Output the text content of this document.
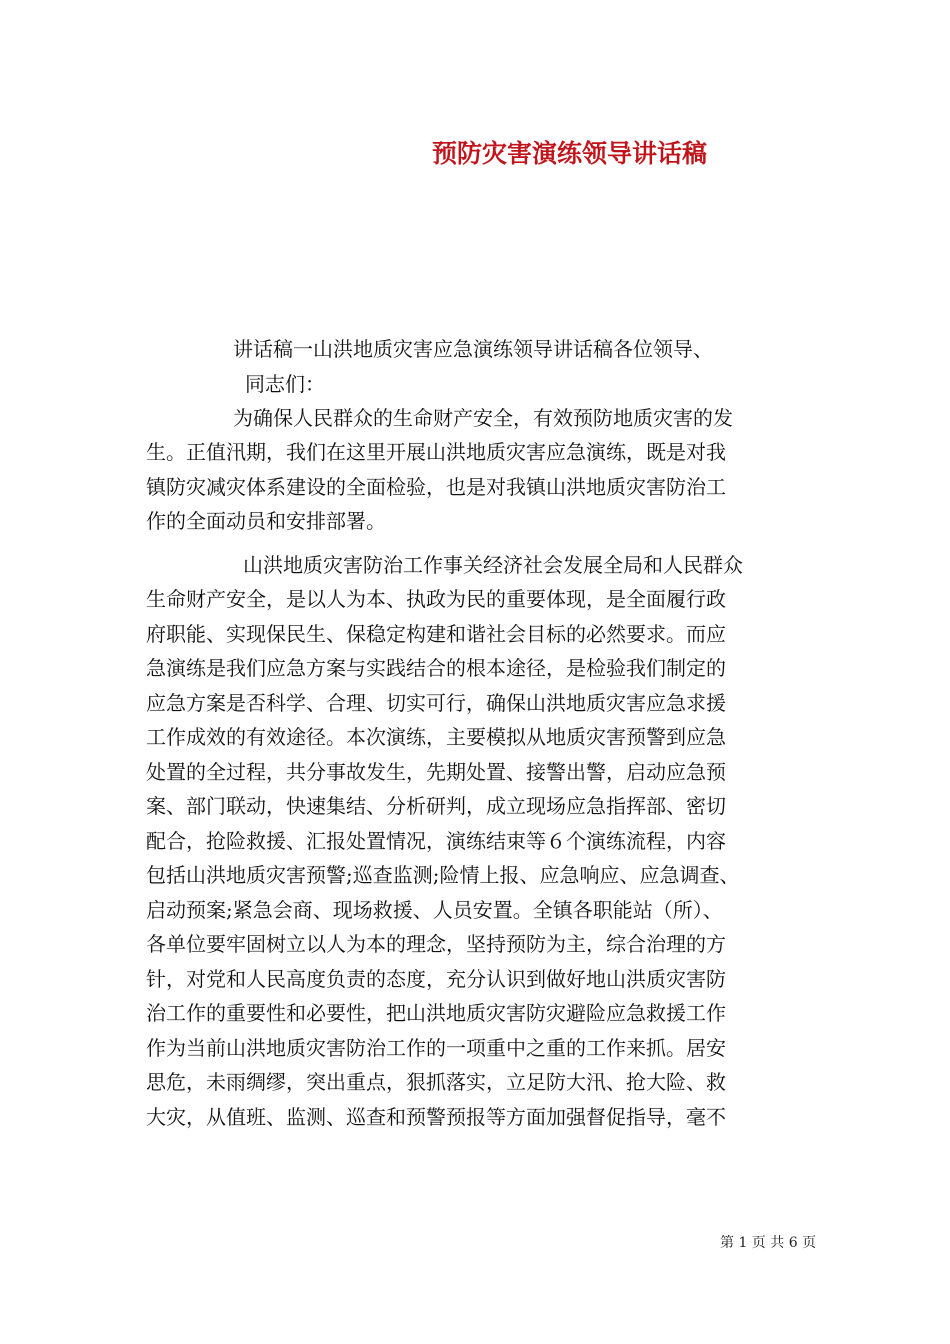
预防灾害演练领导讲话稿
讲话稿一山洪地质灾害应急演练领导讲话稿各位领导、
同志们：
为确保人民群众的生命财产安全，有效预防地质灾害的发
生。正值汛期，我们在这里开展山洪地质灾害应急演练，既是对我
镇防灾减灾体系建设的全面检验，也是对我镇山洪地质灾害防治工
作的全面动员和安排部署。
山洪地质灾害防治工作事关经济社会发展全局和人民群众
生命财产安全，是以人为本、执政为民的重要体现，是全面履行政
府职能、实现保民生、保稳定构建和谐社会目标的必然要求。而应
急演练是我们应急方案与实践结合的根本途径，是检验我们制定的
应急方案是否科学、合理、切实可行，确保山洪地质灾害应急求援
工作成效的有效途径。本次演练，主要模拟从地质灾害预警到应急
处置的全过程，共分事故发生，先期处置、接警出警，启动应急预
案、部门联动，快速集结、分析研判，成立现场应急指挥部、密切
配合，抢险救援、汇报处置情况，演练结束等６个演练流程，内容
包括山洪地质灾害预警;巡查监测;险情上报、应急响应、应急调查、
启动预案;紧急会商、现场救援、人员安置。全镇各职能站（所）、
各单位要牢固树立以人为本的理念，坚持预防为主，综合治理的方
针，对党和人民高度负责的态度，充分认识到做好地山洪质灾害防
治工作的重要性和必要性，把山洪地质灾害防灾避险应急救援工作
作为当前山洪地质灾害防治工作的一项重中之重的工作来抓。居安
思危，未雨绸缪，突出重点，狠抓落实，立足防大汛、抢大险、救
大灾，从值班、监测、巡查和预警预报等方面加强督促指导，毫不
第 1 页 共 6 页
